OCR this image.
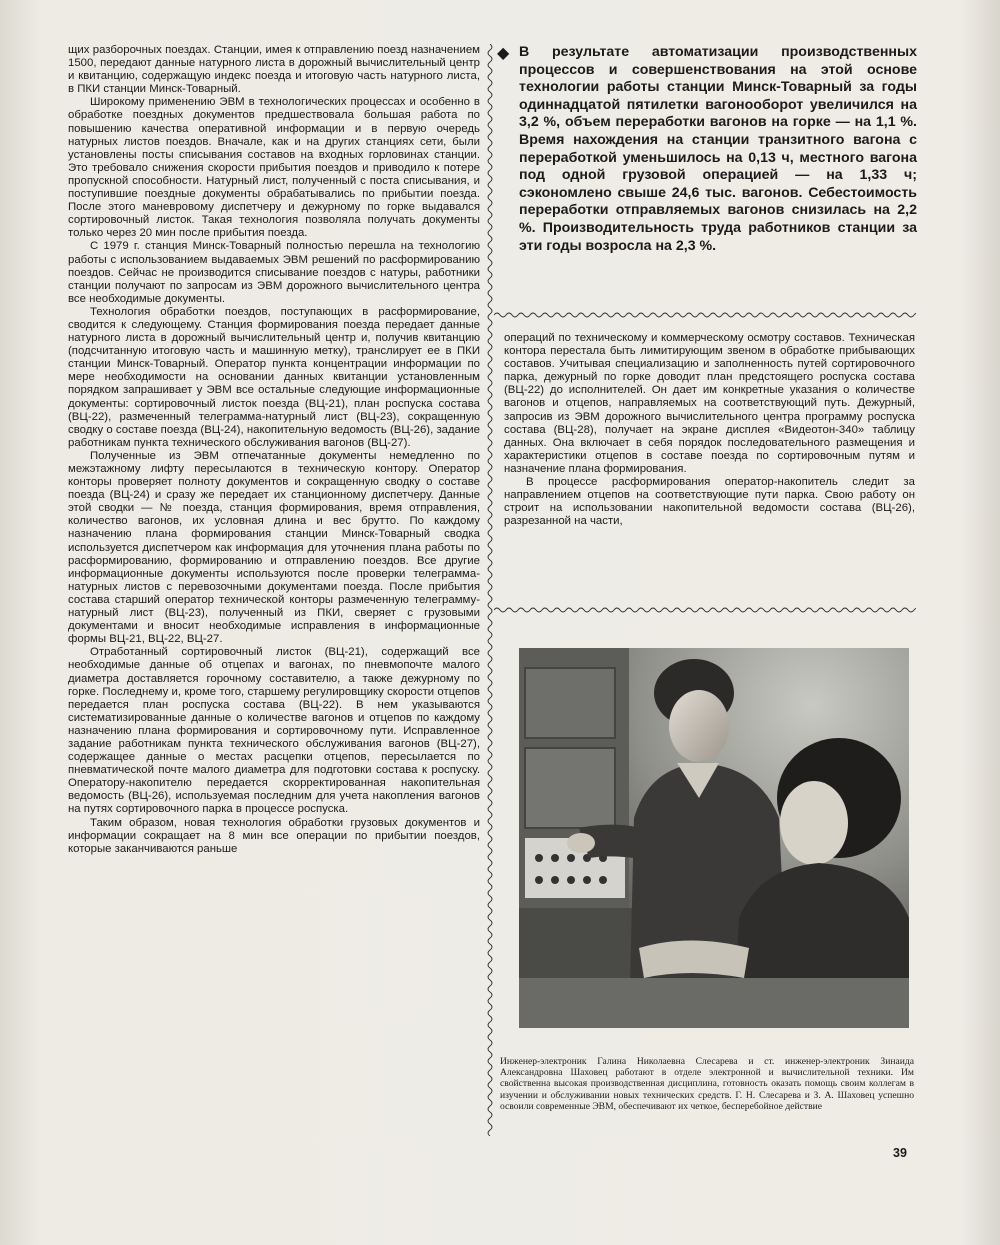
щих разборочных поездах. Станции, имея к отправлению поезд назначением 1500, передают данные натурного листа в дорожный вычислительный центр и квитанцию, содержащую индекс поезда и итоговую часть натурного листа, в ПКИ станции Минск-Товарный.

Широкому применению ЭВМ в технологических процессах и особенно в обработке поездных документов предшествовала большая работа по повышению качества оперативной информации и в первую очередь натурных листов поездов. Вначале, как и на других станциях сети, были установлены посты списывания составов на входных горловинах станции. Это требовало снижения скорости прибытия поездов и приводило к потере пропускной способности. Натурный лист, полученный с поста списывания, и поступившие поездные документы обрабатывались по прибытии поезда. После этого маневровому диспетчеру и дежурному по горке выдавался сортировочный листок. Такая технология позволяла получать документы только через 20 мин после прибытия поезда.

С 1979 г. станция Минск-Товарный полностью перешла на технологию работы с использованием выдаваемых ЭВМ решений по расформированию поездов. Сейчас не производится списывание поездов с натуры, работники станции получают по запросам из ЭВМ дорожного вычислительного центра все необходимые документы.

Технология обработки поездов, поступающих в расформирование, сводится к следующему. Станция формирования поезда передает данные натурного листа в дорожный вычислительный центр и, получив квитанцию (подсчитанную итоговую часть и машинную метку), транслирует ее в ПКИ станции Минск-Товарный. Оператор пункта концентрации информации по мере необходимости на основании данных квитанции установленным порядком запрашивает у ЭВМ все остальные следующие информационные документы: сортировочный листок поезда (ВЦ-21), план роспуска состава (ВЦ-22), размеченный телеграмма-натурный лист (ВЦ-23), сокращенную сводку о составе поезда (ВЦ-24), накопительную ведомость (ВЦ-26), задание работникам пункта технического обслуживания вагонов (ВЦ-27).

Полученные из ЭВМ отпечатанные документы немедленно по межэтажному лифту пересылаются в техническую контору. Оператор конторы проверяет полноту документов и сокращенную сводку о составе поезда (ВЦ-24) и сразу же передает их станционному диспетчеру. Данные этой сводки — № поезда, станция формирования, время отправления, количество вагонов, их условная длина и вес брутто. По каждому назначению плана формирования станции Минск-Товарный сводка используется диспетчером как информация для уточнения плана работы по расформированию, формированию и отправлению поездов. Все другие информационные документы используются после проверки телеграмма-натурных листов с перевозочными документами поезда. После прибытия состава старший оператор технической конторы размеченную телеграмму-натурный лист (ВЦ-23), полученный из ПКИ, сверяет с грузовыми документами и вносит необходимые исправления в информационные формы ВЦ-21, ВЦ-22, ВЦ-27.

Отработанный сортировочный листок (ВЦ-21), содержащий все необходимые данные об отцепах и вагонах, по пневмопочте малого диаметра доставляется горочному составителю, а также дежурному по горке. Последнему и, кроме того, старшему регулировщику скорости отцепов передается план роспуска состава (ВЦ-22). В нем указываются систематизированные данные о количестве вагонов и отцепов по каждому назначению плана формирования и сортировочному пути. Исправленное задание работникам пункта технического обслуживания вагонов (ВЦ-27), содержащее данные о местах расцепки отцепов, пересылается по пневматической почте малого диаметра для подготовки состава к роспуску. Оператору-накопителю передается скорректированная накопительная ведомость (ВЦ-26), используемая последним для учета накопления вагонов на путях сортировочного парка в процессе роспуска.

Таким образом, новая технология обработки грузовых документов и информации сокращает на 8 мин все операции по прибытии поездов, которые заканчиваются раньше

◆ В результате автоматизации производственных процессов и совершенствования на этой основе технологии работы станции Минск-Товарный за годы одиннадцатой пятилетки вагонооборот увеличился на 3,2 %, объем переработки вагонов на горке — на 1,1 %. Время нахождения на станции транзитного вагона с переработкой уменьшилось на 0,13 ч, местного вагона под одной грузовой операцией — на 1,33 ч; сэкономлено свыше 24,6 тыс. вагонов. Себестоимость переработки отправляемых вагонов снизилась на 2,2 %. Производительность труда работников станции за эти годы возросла на 2,3 %.

операций по техническому и коммерческому осмотру составов. Техническая контора перестала быть лимитирующим звеном в обработке прибывающих составов. Учитывая специализацию и заполненность путей сортировочного парка, дежурный по горке доводит план предстоящего роспуска состава (ВЦ-22) до исполнителей. Он дает им конкретные указания о количестве вагонов и отцепов, направляемых на соответствующий путь. Дежурный, запросив из ЭВМ дорожного вычислительного центра программу роспуска состава (ВЦ-28), получает на экране дисплея «Видеотон-340» таблицу данных. Она включает в себя порядок последовательного размещения и характеристики отцепов в составе поезда по сортировочным путям и назначение плана формирования.

В процессе расформирования оператор-накопитель следит за направлением отцепов на соответствующие пути парка. Свою работу он строит на использовании накопительной ведомости состава (ВЦ-26), разрезанной на части,

Инженер-электроник Галина Николаевна Слесарева и ст. инженер-электроник Зинаида Александровна Шаховец работают в отделе электронной и вычислительной техники. Им свойственна высокая производственная дисциплина, готовность оказать помощь своим коллегам в изучении и обслуживании новых технических средств. Г. Н. Слесарева и З. А. Шаховец успешно освоили современные ЭВМ, обеспечивают их четкое, бесперебойное действие
39
